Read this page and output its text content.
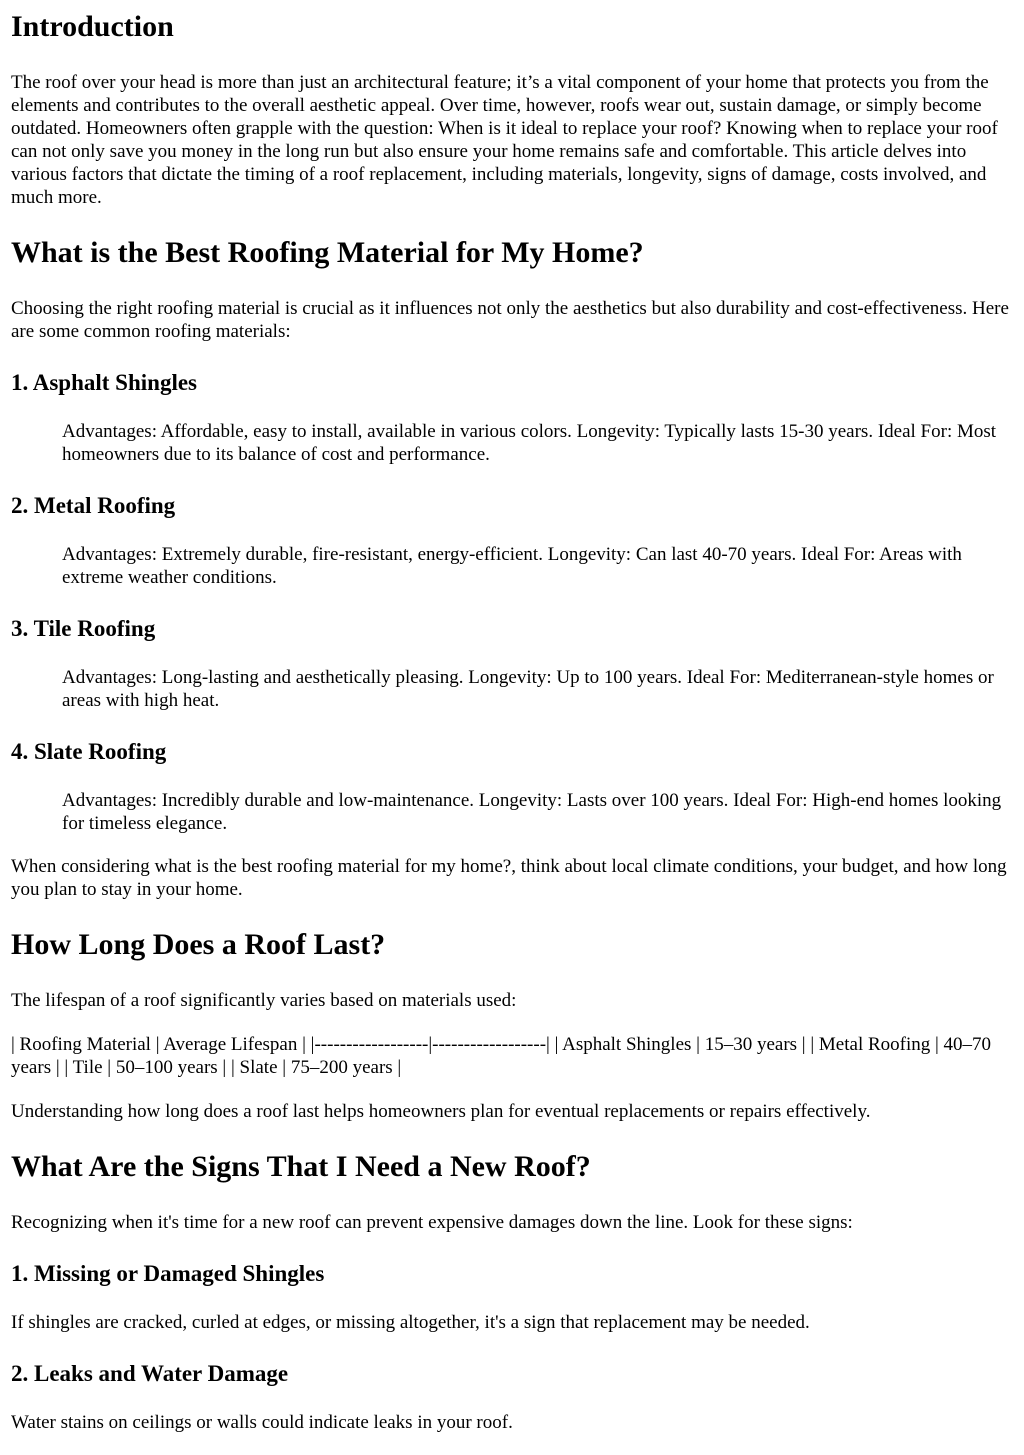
Introduction

The roof over your head is more than just an architectural feature; it’s a vital component of your home that protects you from the elements and contributes to the overall aesthetic appeal. Over time, however, roofs wear out, sustain damage, or simply become outdated. Homeowners often grapple with the question: When is it ideal to replace your roof? Knowing when to replace your roof can not only save you money in the long run but also ensure your home remains safe and comfortable. This article delves into various factors that dictate the timing of a roof replacement, including materials, longevity, signs of damage, costs involved, and much more.

What is the Best Roofing Material for My Home?

Choosing the right roofing material is crucial as it influences not only the aesthetics but also durability and cost-effectiveness. Here are some common roofing materials:

1. Asphalt Shingles
Advantages: Affordable, easy to install, available in various colors. Longevity: Typically lasts 15-30 years. Ideal For: Most homeowners due to its balance of cost and performance.
2. Metal Roofing
Advantages: Extremely durable, fire-resistant, energy-efficient. Longevity: Can last 40-70 years. Ideal For: Areas with extreme weather conditions.
3. Tile Roofing
Advantages: Long-lasting and aesthetically pleasing. Longevity: Up to 100 years. Ideal For: Mediterranean-style homes or areas with high heat.
4. Slate Roofing
Advantages: Incredibly durable and low-maintenance. Longevity: Lasts over 100 years. Ideal For: High-end homes looking for timeless elegance.

When considering what is the best roofing material for my home?, think about local climate conditions, your budget, and how long you plan to stay in your home.

How Long Does a Roof Last?

The lifespan of a roof significantly varies based on materials used:

| Roofing Material | Average Lifespan | |------------------|------------------| | Asphalt Shingles | 15–30 years | | Metal Roofing | 40–70 years | | Tile | 50–100 years | | Slate | 75–200 years |

Understanding how long does a roof last helps homeowners plan for eventual replacements or repairs effectively.

What Are the Signs That I Need a New Roof?

Recognizing when it's time for a new roof can prevent expensive damages down the line. Look for these signs:

1. Missing or Damaged Shingles

If shingles are cracked, curled at edges, or missing altogether, it's a sign that replacement may be needed.

2. Leaks and Water Damage

Water stains on ceilings or walls could indicate leaks in your roof.
